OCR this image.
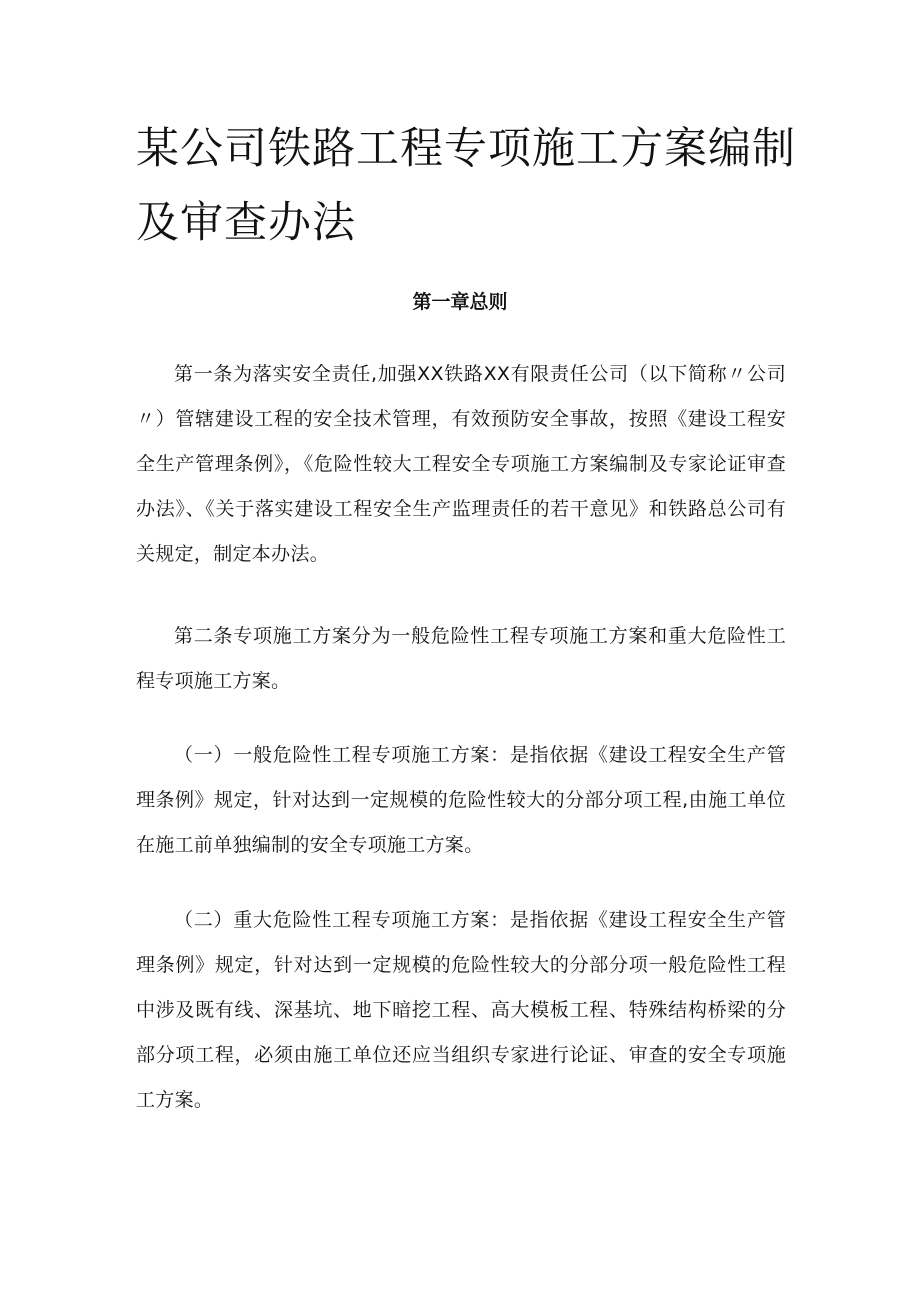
某公司铁路工程专项施工方案编制及审查办法
第一章总则

第一条为落实安全责任,加强XX铁路XX有限责任公司（以下简称〃公司〃）管辖建设工程的安全技术管理，有效预防安全事故，按照《建设工程安全生产管理条例》，《危险性较大工程安全专项施工方案编制及专家论证审查办法》、《关于落实建设工程安全生产监理责任的若干意见》和铁路总公司有关规定，制定本办法。

第二条专项施工方案分为一般危险性工程专项施工方案和重大危险性工程专项施工方案。

（一）一般危险性工程专项施工方案：是指依据《建设工程安全生产管理条例》规定，针对达到一定规模的危险性较大的分部分项工程,由施工单位在施工前单独编制的安全专项施工方案。

（二）重大危险性工程专项施工方案：是指依据《建设工程安全生产管理条例》规定，针对达到一定规模的危险性较大的分部分项一般危险性工程中涉及既有线、深基坑、地下暗挖工程、高大模板工程、特殊结构桥梁的分部分项工程，必须由施工单位还应当组织专家进行论证、审查的安全专项施工方案。
